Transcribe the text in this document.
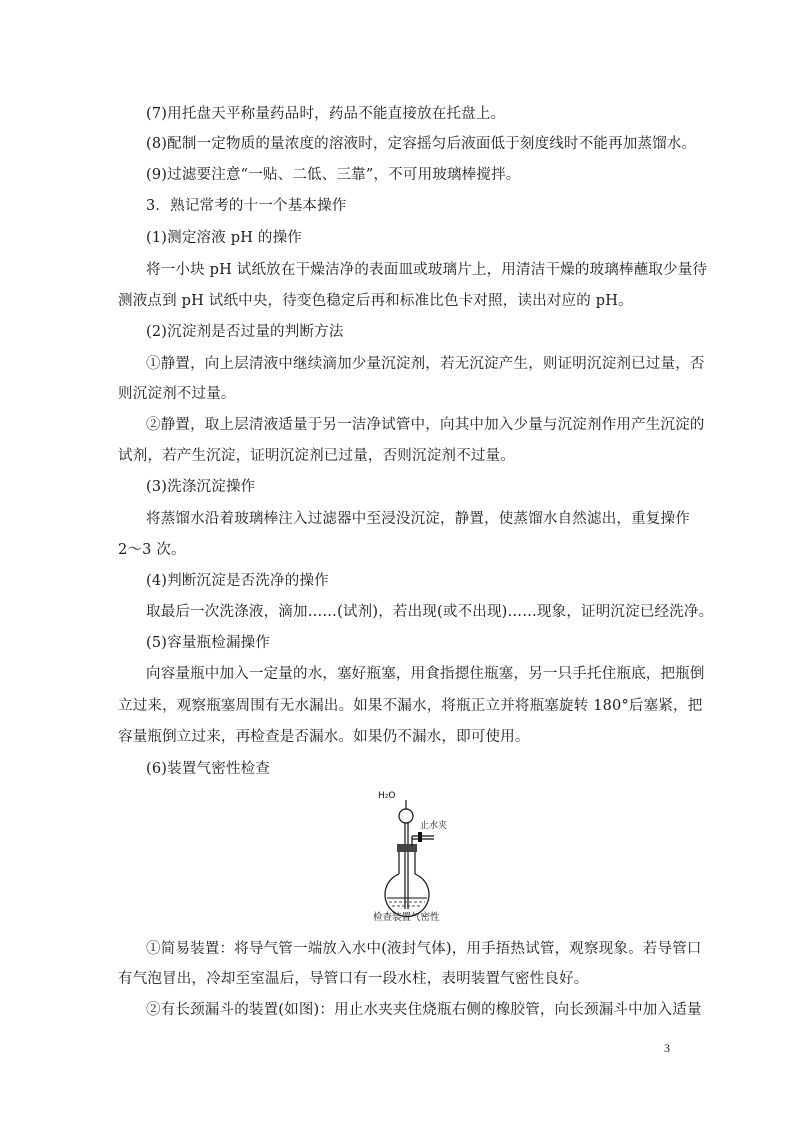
(7)用托盘天平称量药品时，药品不能直接放在托盘上。
(8)配制一定物质的量浓度的溶液时，定容摇匀后液面低于刻度线时不能再加蒸馏水。
(9)过滤要注意“一贴、二低、三靠”，不可用玻璃棒搅拌。
3．熟记常考的十一个基本操作
(1)测定溶液 pH 的操作
将一小块 pH 试纸放在干燥洁净的表面皿或玻璃片上，用清洁干燥的玻璃棒蘸取少量待
测液点到 pH 试纸中央，待变色稳定后再和标准比色卡对照，读出对应的 pH。
(2)沉淀剂是否过量的判断方法
①静置，向上层清液中继续滴加少量沉淀剂，若无沉淀产生，则证明沉淀剂已过量，否
则沉淀剂不过量。
②静置，取上层清液适量于另一洁净试管中，向其中加入少量与沉淀剂作用产生沉淀的
试剂，若产生沉淀，证明沉淀剂已过量，否则沉淀剂不过量。
(3)洗涤沉淀操作
将蒸馏水沿着玻璃棒注入过滤器中至浸没沉淀，静置，使蒸馏水自然滤出，重复操作
2～3 次。
(4)判断沉淀是否洗净的操作
取最后一次洗涤液，滴加……(试剂)，若出现(或不出现)……现象，证明沉淀已经洗净。
(5)容量瓶检漏操作
向容量瓶中加入一定量的水，塞好瓶塞，用食指摁住瓶塞，另一只手托住瓶底，把瓶倒
立过来，观察瓶塞周围有无水漏出。如果不漏水，将瓶正立并将瓶塞旋转 180°后塞紧，把
容量瓶倒立过来，再检查是否漏水。如果仍不漏水，即可使用。
(6)装置气密性检查
H₂O
止水夹
检查装置气密性
①简易装置：将导气管一端放入水中(液封气体)，用手捂热试管，观察现象。若导管口
有气泡冒出，冷却至室温后，导管口有一段水柱，表明装置气密性良好。
②有长颈漏斗的装置(如图)：用止水夹夹住烧瓶右侧的橡胶管，向长颈漏斗中加入适量
3
